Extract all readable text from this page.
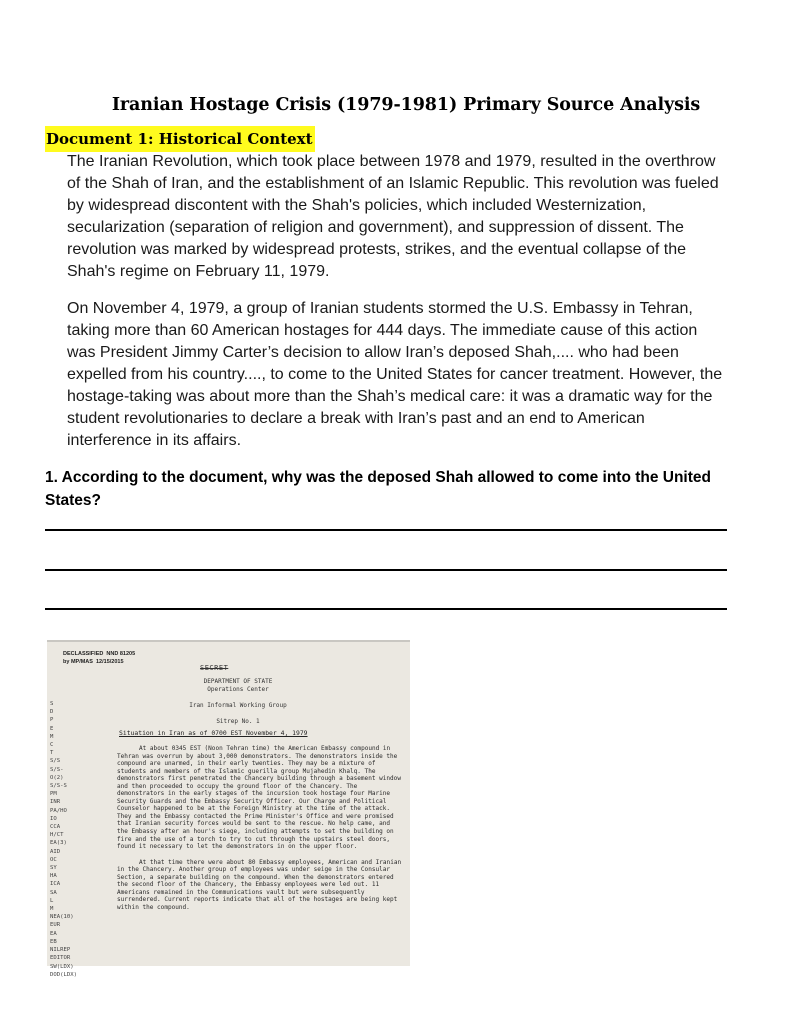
Iranian Hostage Crisis (1979-1981) Primary Source Analysis
Document 1: Historical Context

The Iranian Revolution, which took place between 1978 and 1979, resulted in the overthrow of the Shah of Iran, and the establishment of an Islamic Republic. This revolution was fueled by widespread discontent with the Shah's policies, which included Westernization, secularization (separation of religion and government), and suppression of dissent. The revolution was marked by widespread protests, strikes, and the eventual collapse of the Shah's regime on February 11, 1979.

On November 4, 1979, a group of Iranian students stormed the U.S. Embassy in Tehran, taking more than 60 American hostages for 444 days. The immediate cause of this action was President Jimmy Carter’s decision to allow Iran’s deposed Shah,.... who had been expelled from his country...., to come to the United States for cancer treatment. However, the hostage-taking was about more than the Shah’s medical care: it was a dramatic way for the student revolutionaries to declare a break with Iran’s past and an end to American interference in its affairs.

1. According to the document, why was the deposed Shah allowed to come into the United States?

DECLASSIFIED  NND 81205
by MP/MAS  12/15/2015
SECRET
DEPARTMENT OF STATE
Operations Center

Iran Informal Working Group

Sitrep No. 1
S
D
P
E
M
C
T
S/S
S/S-O(2)
S/S-S
PM
INR
PA/HO
IO
CCA
H/CT
EA(3)
AID
OC
SY
HA
ICA
SA
L
M
NEA(10)
EUR
EA
EB
NILREP
EDITOR
SW(LDX)
DOD(LDX)
Situation in Iran as of 0700 EST November 4, 1979

At about 0345 EST (Noon Tehran time) the American Embassy compound in Tehran was overrun by about 3,000 demonstrators. The demonstrators inside the compound are unarmed, in their early twenties. They may be a mixture of students and members of the Islamic guerilla group Mujahedin Khalq. The demonstrators first penetrated the Chancery building through a basement window and then proceeded to occupy the ground floor of the Chancery. The demonstrators in the early stages of the incursion took hostage four Marine Security Guards and the Embassy Security Officer. Our Charge and Political Counselor happened to be at the Foreign Ministry at the time of the attack. They and the Embassy contacted the Prime Minister's Office and were promised that Iranian security forces would be sent to the rescue. No help came, and the Embassy after an hour's siege, including attempts to set the building on fire and the use of a torch to try to cut through the upstairs steel doors, found it necessary to let the demonstrators in on the upper floor.

At that time there were about 80 Embassy employees, American and Iranian in the Chancery. Another group of employees was under seige in the Consular Section, a separate building on the compound. When the demonstrators entered the second floor of the Chancery, the Embassy employees were led out. 11 Americans remained in the Communications vault but were subsequently surrendered. Current reports indicate that all of the hostages are being kept within the compound.
